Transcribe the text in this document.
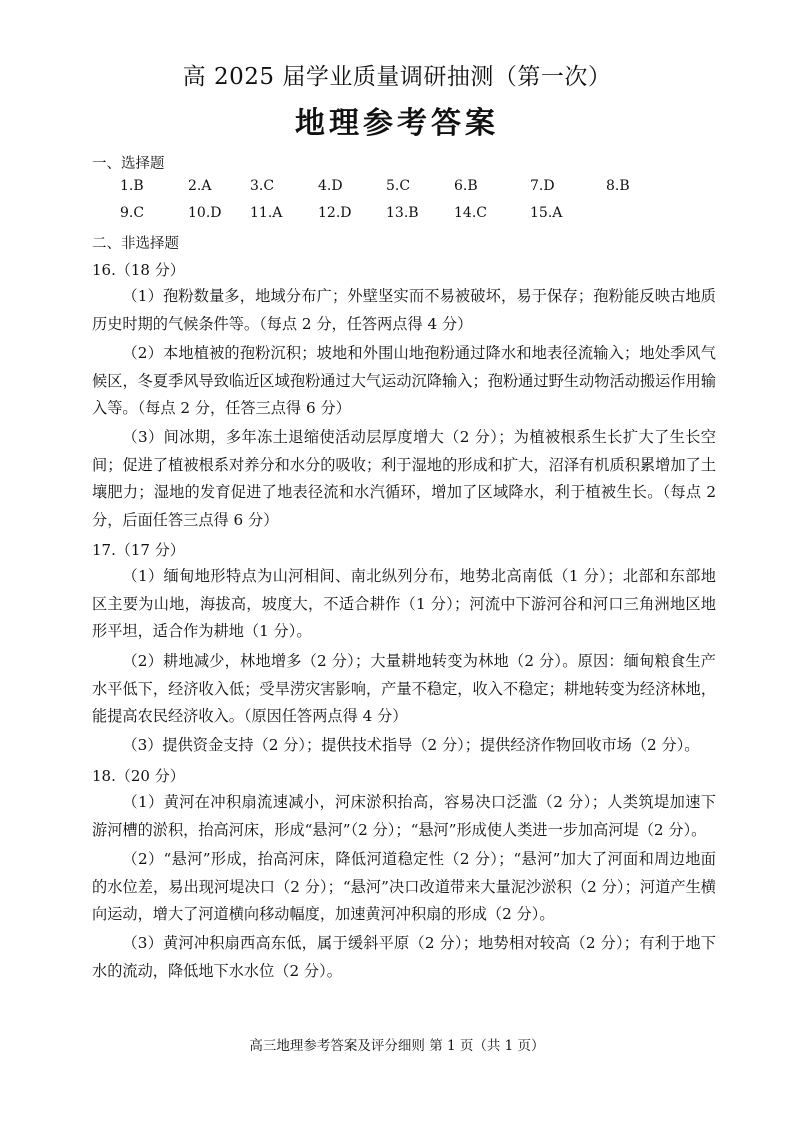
高 2025 届学业质量调研抽测（第一次）
地理参考答案
一、选择题
1.B	2.A	3.C	4.D	5.C	6.B	7.D	8.B
9.C	10.D 11.A	12.D 13.B	14.C	15.A
二、非选择题
16.（18 分）

（1）孢粉数量多，地域分布广；外壁坚实而不易被破坏，易于保存；孢粉能反映古地质历史时期的气候条件等。（每点 2 分，任答两点得 4 分）

（2）本地植被的孢粉沉积；坡地和外围山地孢粉通过降水和地表径流输入；地处季风气候区，冬夏季风导致临近区域孢粉通过大气运动沉降输入；孢粉通过野生动物活动搬运作用输入等。（每点 2 分，任答三点得 6 分）

（3）间冰期，多年冻土退缩使活动层厚度增大（2 分）；为植被根系生长扩大了生长空间；促进了植被根系对养分和水分的吸收；利于湿地的形成和扩大，沼泽有机质积累增加了土壤肥力；湿地的发育促进了地表径流和水汽循环，增加了区域降水，利于植被生长。（每点 2 分，后面任答三点得 6 分）

17.（17 分）

（1）缅甸地形特点为山河相间、南北纵列分布，地势北高南低（1 分）；北部和东部地区主要为山地，海拔高，坡度大，不适合耕作（1 分）；河流中下游河谷和河口三角洲地区地形平坦，适合作为耕地（1 分）。

（2）耕地减少，林地增多（2 分）；大量耕地转变为林地（2 分）。原因：缅甸粮食生产水平低下，经济收入低；受旱涝灾害影响，产量不稳定，收入不稳定；耕地转变为经济林地，能提高农民经济收入。（原因任答两点得 4 分）

（3）提供资金支持（2 分）；提供技术指导（2 分）；提供经济作物回收市场（2 分）。

18.（20 分）

（1）黄河在冲积扇流速减小，河床淤积抬高，容易决口泛滥（2 分）；人类筑堤加速下游河槽的淤积，抬高河床，形成“悬河”（2 分）；“悬河”形成使人类进一步加高河堤（2 分）。

（2）“悬河”形成，抬高河床，降低河道稳定性（2 分）；“悬河”加大了河面和周边地面的水位差，易出现河堤决口（2 分）；“悬河”决口改道带来大量泥沙淤积（2 分）；河道产生横向运动，增大了河道横向移动幅度，加速黄河冲积扇的形成（2 分）。

（3）黄河冲积扇西高东低，属于缓斜平原（2 分）；地势相对较高（2 分）；有利于地下水的流动，降低地下水水位（2 分）。

高三地理参考答案及评分细则 第 1 页（共 1 页）
